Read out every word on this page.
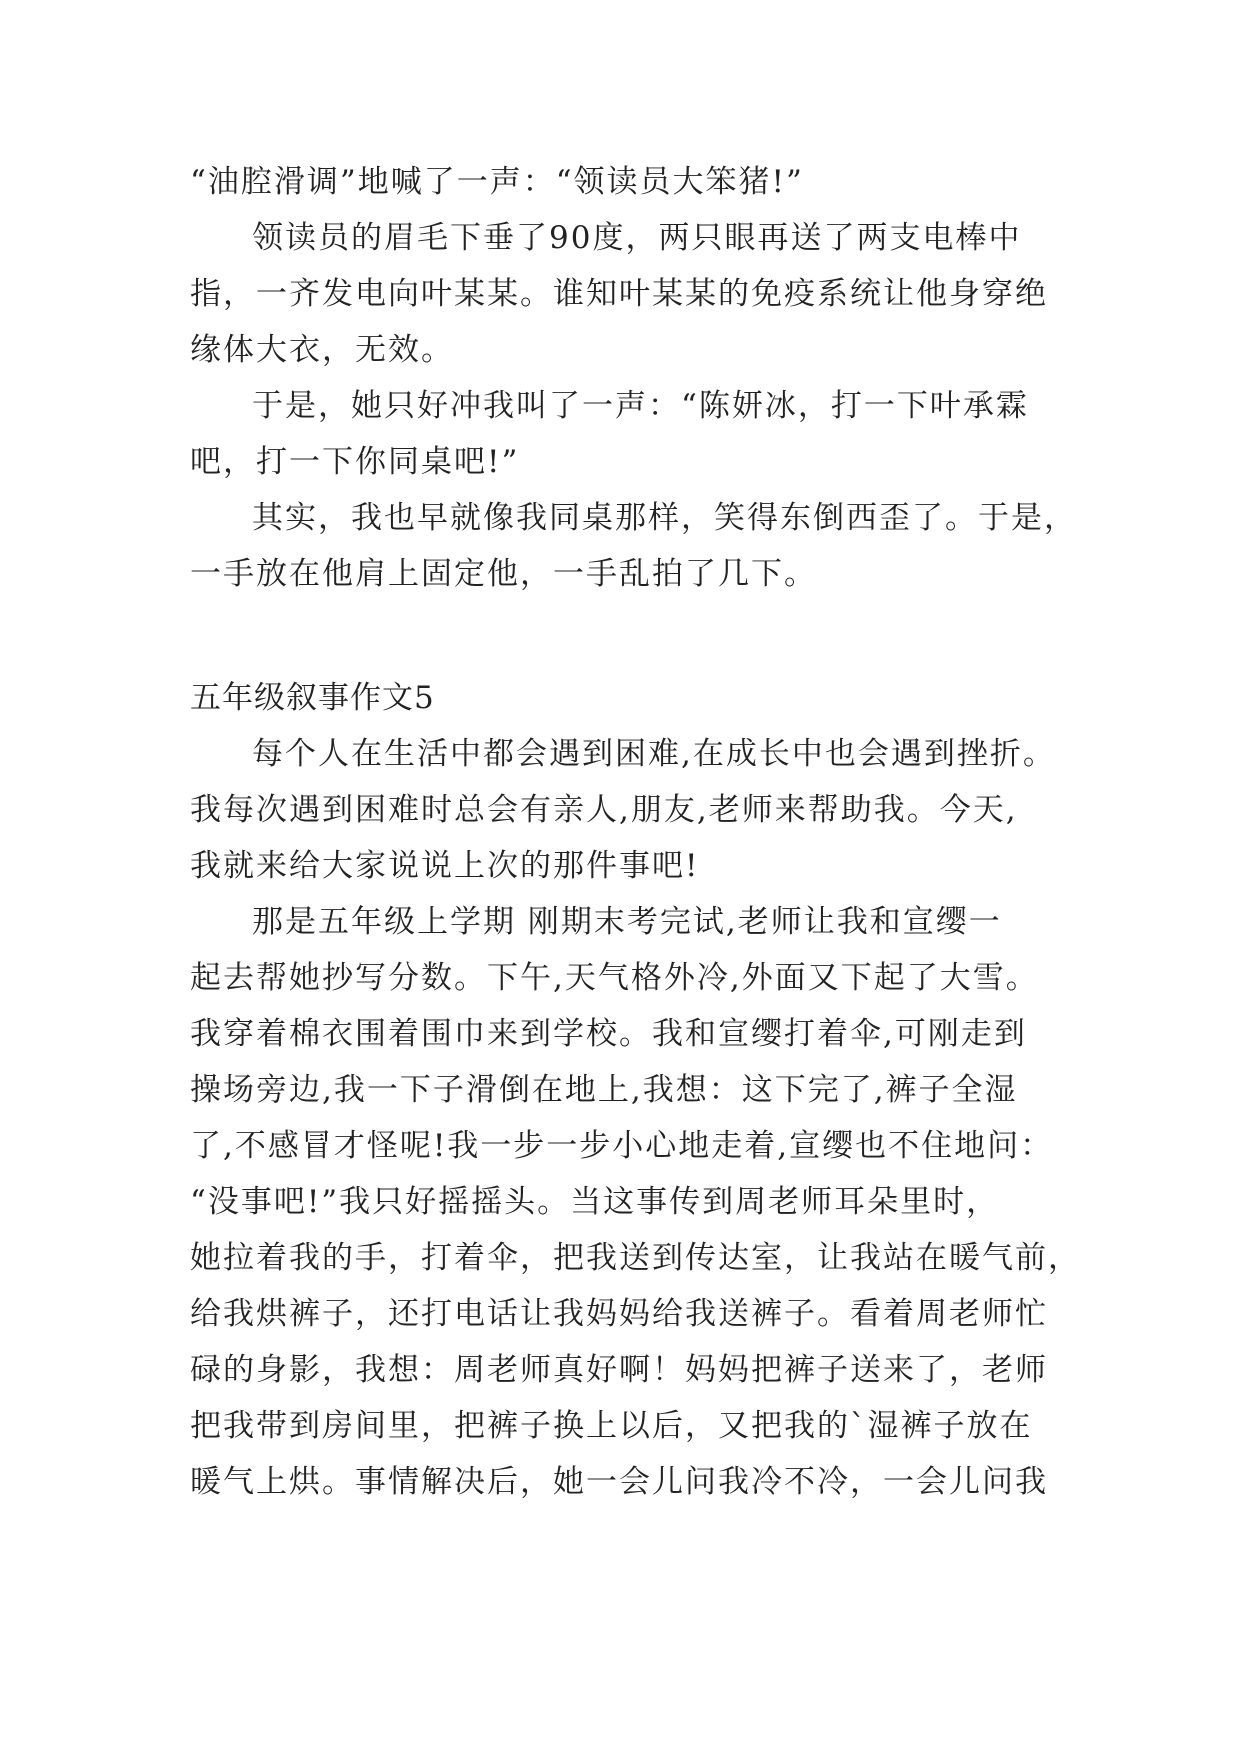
“油腔滑调”地喊了一声：“领读员大笨猪!”

领读员的眉毛下垂了90度，两只眼再送了两支电棒中

指，一齐发电向叶某某。谁知叶某某的免疫系统让他身穿绝

缘体大衣，无效。

于是，她只好冲我叫了一声：“陈妍冰，打一下叶承霖

吧，打一下你同桌吧!”

其实，我也早就像我同桌那样，笑得东倒西歪了。于是，

一手放在他肩上固定他，一手乱拍了几下。

五年级叙事作文5

每个人在生活中都会遇到困难,在成长中也会遇到挫折。

我每次遇到困难时总会有亲人,朋友,老师来帮助我。今天,

我就来给大家说说上次的那件事吧!

那是五年级上学期 刚期末考完试,老师让我和宣缨一

起去帮她抄写分数。下午,天气格外冷,外面又下起了大雪。

我穿着棉衣围着围巾来到学校。我和宣缨打着伞,可刚走到

操场旁边,我一下子滑倒在地上,我想：这下完了,裤子全湿

了,不感冒才怪呢!我一步一步小心地走着,宣缨也不住地问：

“没事吧!”我只好摇摇头。当这事传到周老师耳朵里时，

她拉着我的手，打着伞，把我送到传达室，让我站在暖气前，

给我烘裤子，还打电话让我妈妈给我送裤子。看着周老师忙

碌的身影，我想：周老师真好啊！妈妈把裤子送来了，老师

把我带到房间里，把裤子换上以后，又把我的`湿裤子放在

暖气上烘。事情解决后，她一会儿问我冷不冷，一会儿问我
